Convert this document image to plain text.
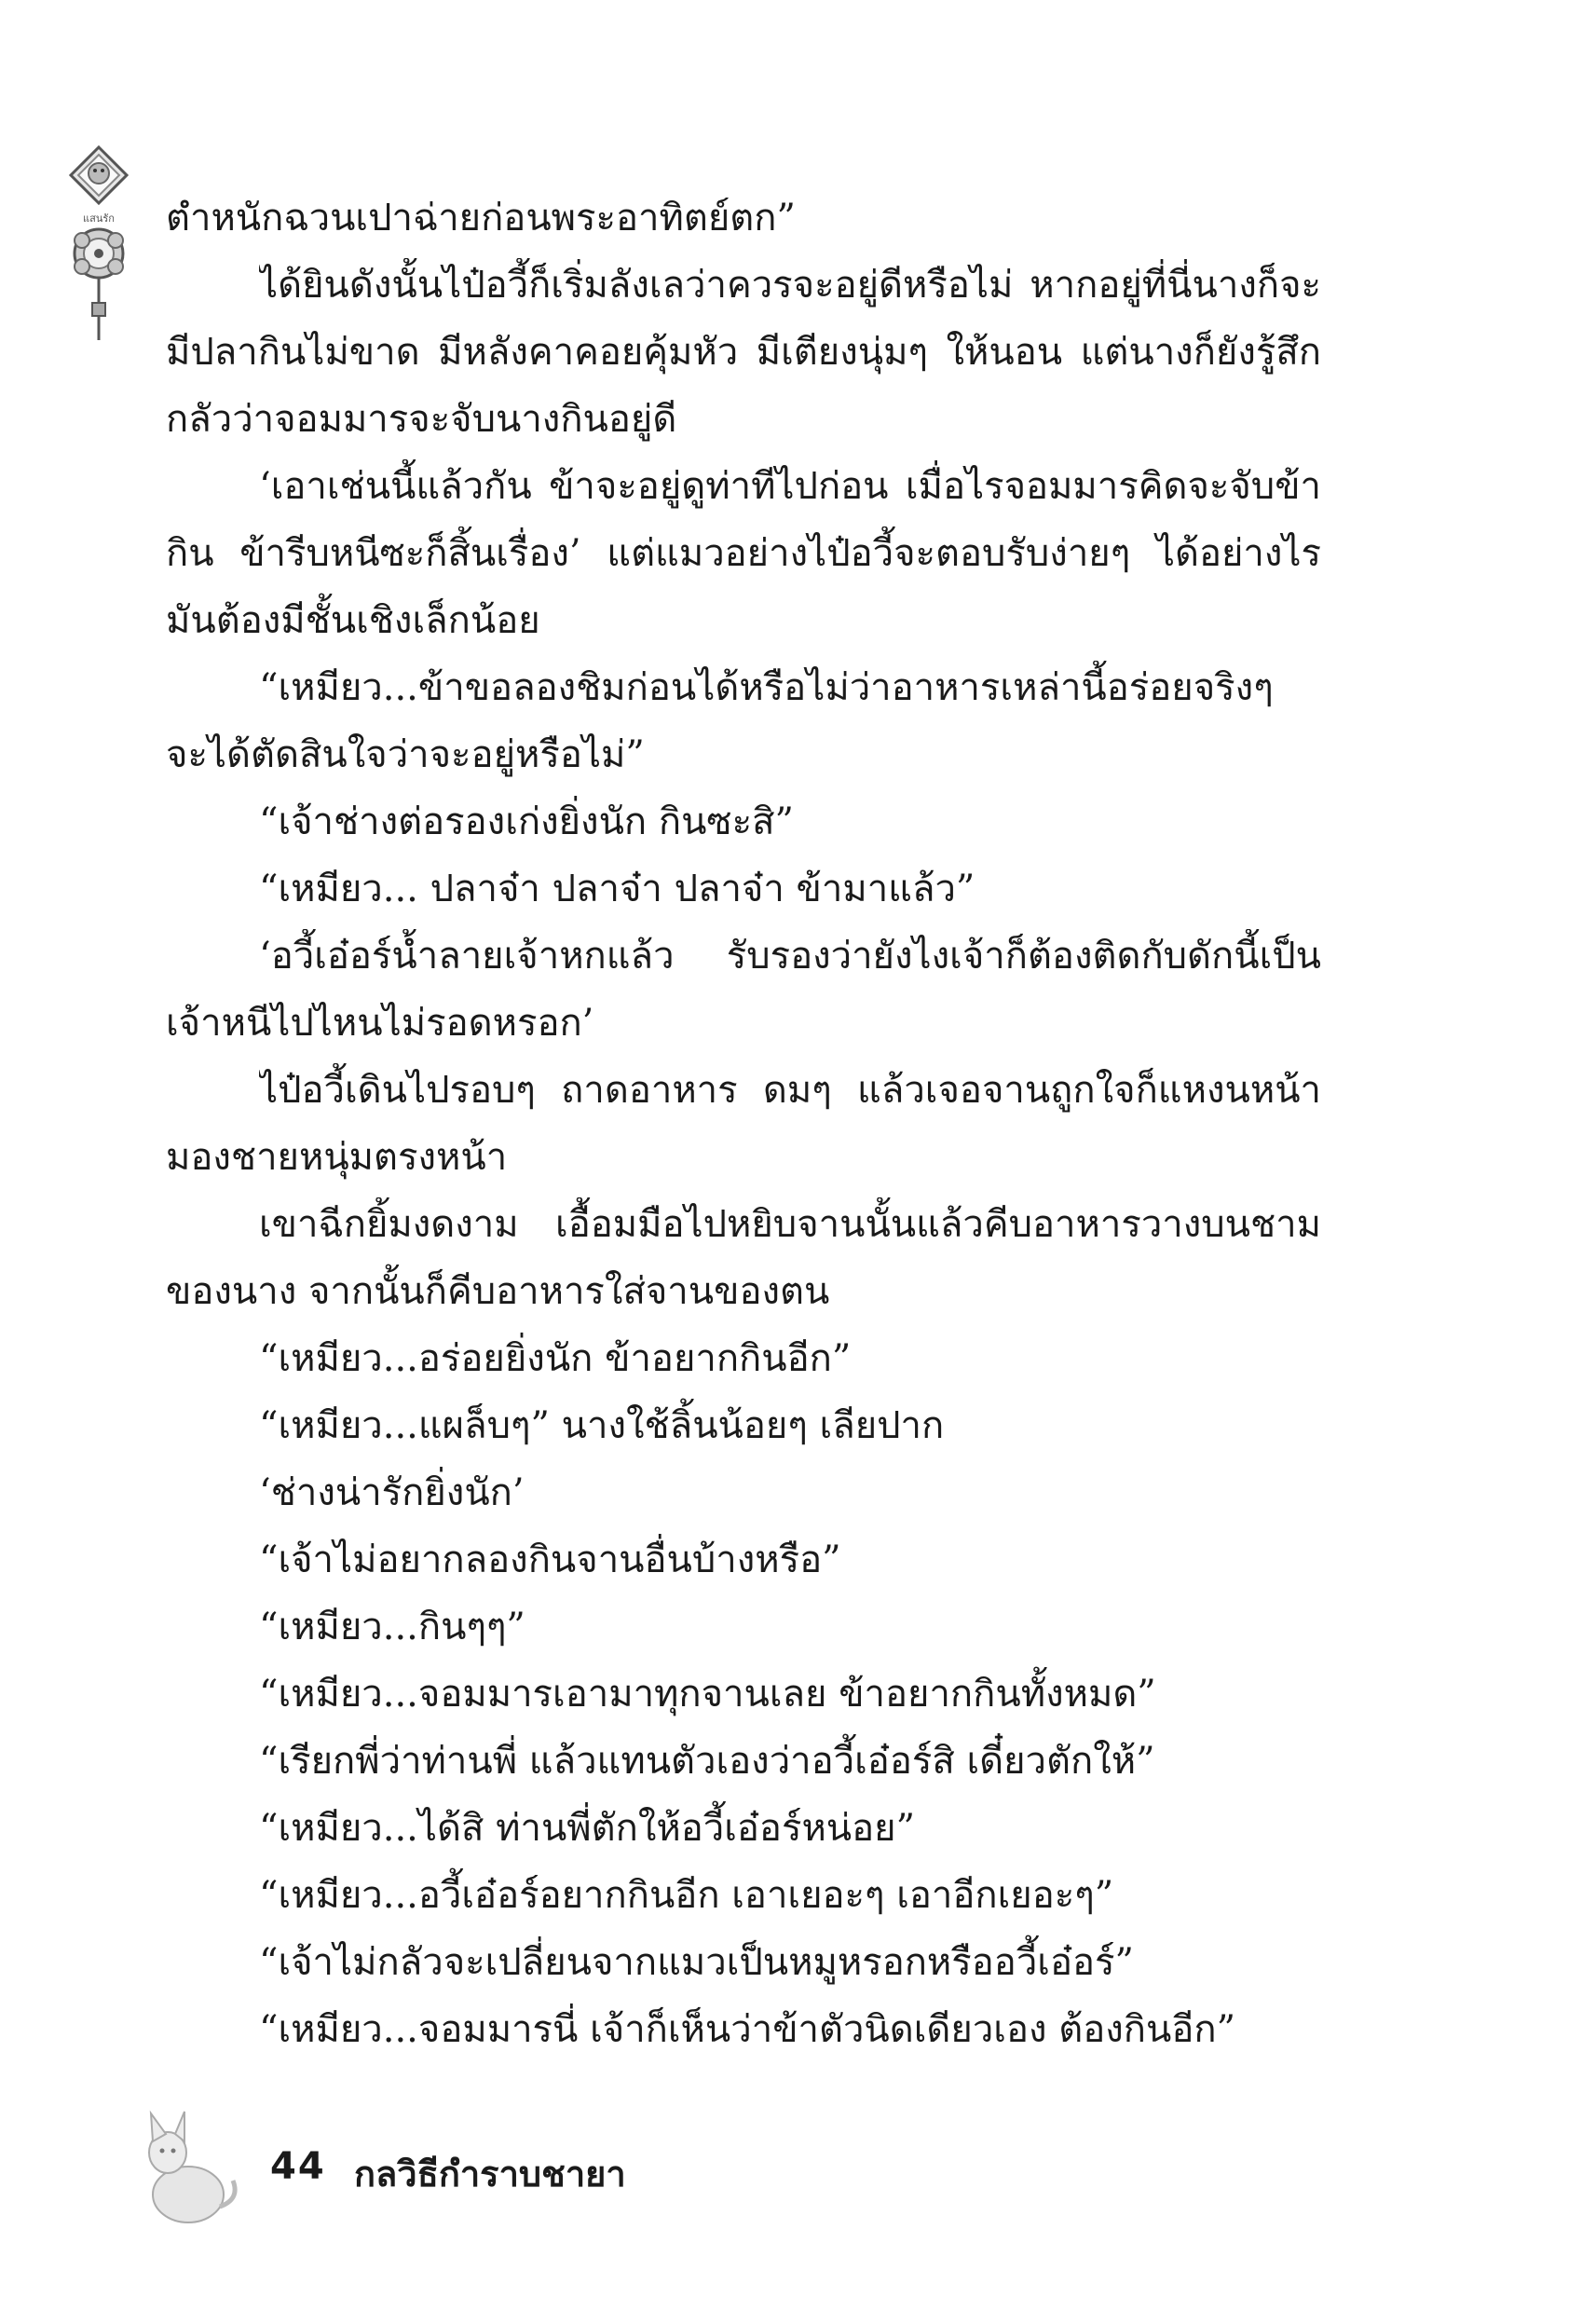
แสนรัก ตำหนักฉวนเปาฉ่ายก่อนพระอาทิตย์ตก”
ได้ยินดังนั้นไป๋อวี้ก็เริ่มลังเลว่าควรจะอยู่ดีหรือไม่ หากอยู่ที่นี่นางก็จะ
มีปลากินไม่ขาด มีหลังคาคอยคุ้มหัว มีเตียงนุ่มๆ ให้นอน แต่นางก็ยังรู้สึก
กลัวว่าจอมมารจะจับนางกินอยู่ดี
‘เอาเช่นนี้แล้วกัน ข้าจะอยู่ดูท่าทีไปก่อน เมื่อไรจอมมารคิดจะจับข้า
กิน ข้ารีบหนีซะก็สิ้นเรื่อง’ แต่แมวอย่างไป๋อวี้จะตอบรับง่ายๆ ได้อย่างไร
มันต้องมีชั้นเชิงเล็กน้อย
“เหมียว...ข้าขอลองชิมก่อนได้หรือไม่ว่าอาหารเหล่านี้อร่อยจริงๆ
จะได้ตัดสินใจว่าจะอยู่หรือไม่”
“เจ้าช่างต่อรองเก่งยิ่งนัก กินซะสิ”
“เหมียว... ปลาจ๋า ปลาจ๋า ปลาจ๋า ข้ามาแล้ว”
‘อวี้เอ๋อร์น้ำลายเจ้าหกแล้ว รับรองว่ายังไงเจ้าก็ต้องติดกับดักนี้เป็น
เจ้าหนีไปไหนไม่รอดหรอก’
ไป๋อวี้เดินไปรอบๆ ถาดอาหาร ดมๆ แล้วเจอจานถูกใจก็แหงนหน้า
มองชายหนุ่มตรงหน้า
เขาฉีกยิ้มงดงาม เอื้อมมือไปหยิบจานนั้นแล้วคีบอาหารวางบนชาม
ของนาง จากนั้นก็คีบอาหารใส่จานของตน
“เหมียว...อร่อยยิ่งนัก ข้าอยากกินอีก”
“เหมียว...แผล็บๆ” นางใช้ลิ้นน้อยๆ เลียปาก
‘ช่างน่ารักยิ่งนัก’
“เจ้าไม่อยากลองกินจานอื่นบ้างหรือ”
“เหมียว...กินๆๆ”
“เหมียว...จอมมารเอามาทุกจานเลย ข้าอยากกินทั้งหมด”
“เรียกพี่ว่าท่านพี่ แล้วแทนตัวเองว่าอวี้เอ๋อร์สิ เดี๋ยวตักให้”
“เหมียว...ได้สิ ท่านพี่ตักให้อวี้เอ๋อร์หน่อย”
“เหมียว...อวี้เอ๋อร์อยากกินอีก เอาเยอะๆ เอาอีกเยอะๆ”
“เจ้าไม่กลัวจะเปลี่ยนจากแมวเป็นหมูหรอกหรืออวี้เอ๋อร์”
“เหมียว...จอมมารนี่ เจ้าก็เห็นว่าข้าตัวนิดเดียวเอง ต้องกินอีก”
44 กลวิธีกำราบชายา
